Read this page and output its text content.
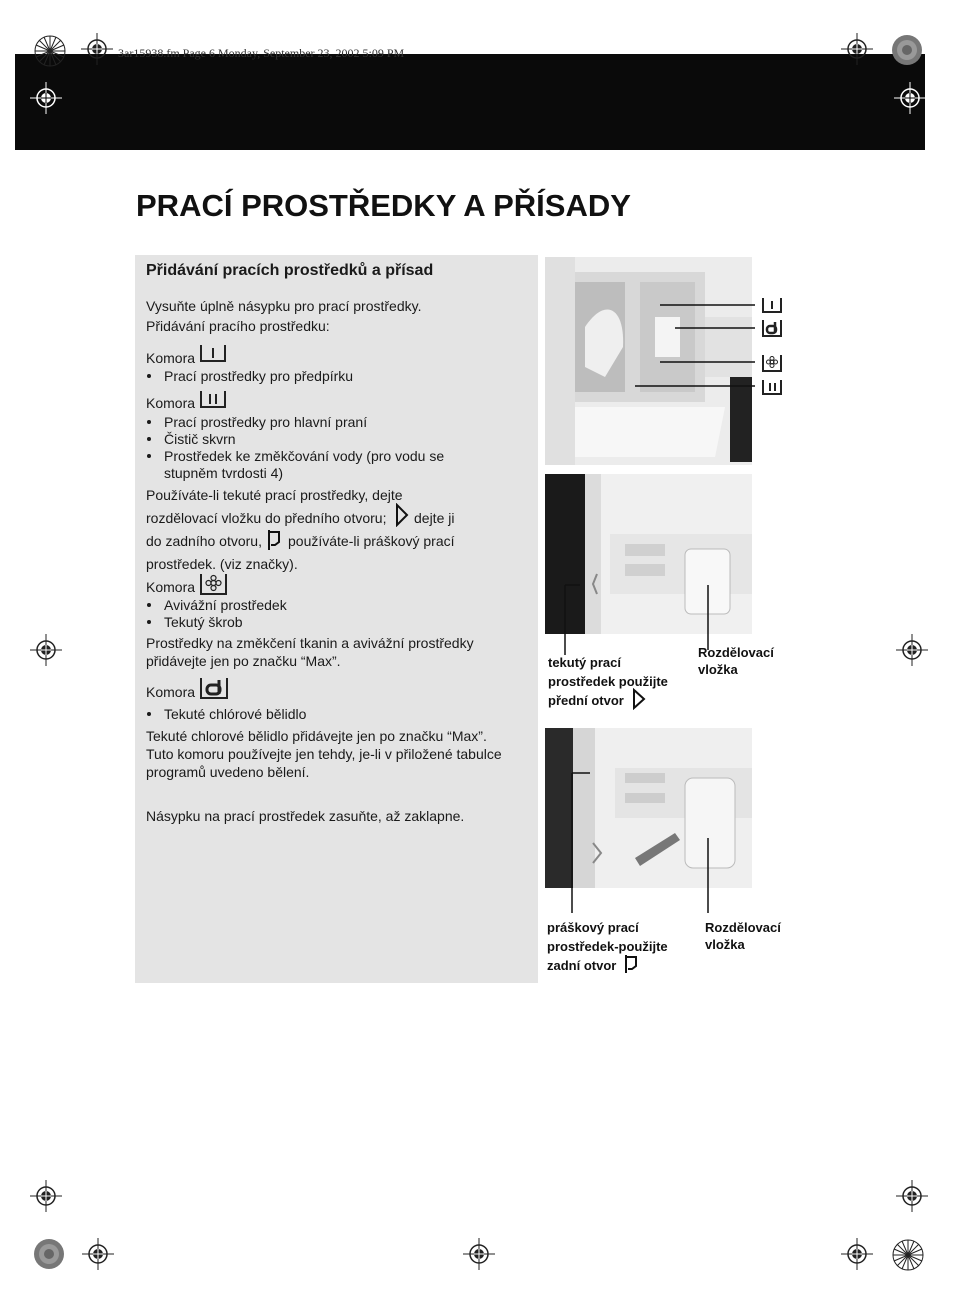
3ar15938.fm Page 6 Monday, September 23, 2002 5:09 PM
PRACÍ PROSTŘEDKY A PŘÍSADY
Přidávání pracích prostředků a přísad
Vysuňte úplně násypku pro prací prostředky.
Přidávání pracího prostředku:
Komora
Prací prostředky pro předpírku
Komora
Prací prostředky pro hlavní praní
Čistič skvrn
Prostředek ke změkčování vody (pro vodu se
stupněm tvrdosti 4)
Používáte-li tekuté prací prostředky, dejte
rozdělovací vložku do předního otvoru; dejte ji
do zadního otvoru, používáte-li práškový prací
prostředek. (viz značky).
Komora
Avivážní prostředek
Tekutý škrob
Prostředky na změkčení tkanin a avivážní prostředky
přidávejte jen po značku “Max”.
Komora
Tekuté chlórové bělidlo
Tekuté chlorové bělidlo přidávejte jen po značku “Max”.
Tuto komoru používejte jen tehdy, je-li v přiložené tabulce
programů uvedeno bělení.
Násypku na prací prostředek zasuňte, až zaklapne.
tekutý prací
prostředek použijte
přední otvor
Rozdělovací
vložka
práškový prací
prostředek-použijte
zadní otvor
Rozdělovací
vložka
